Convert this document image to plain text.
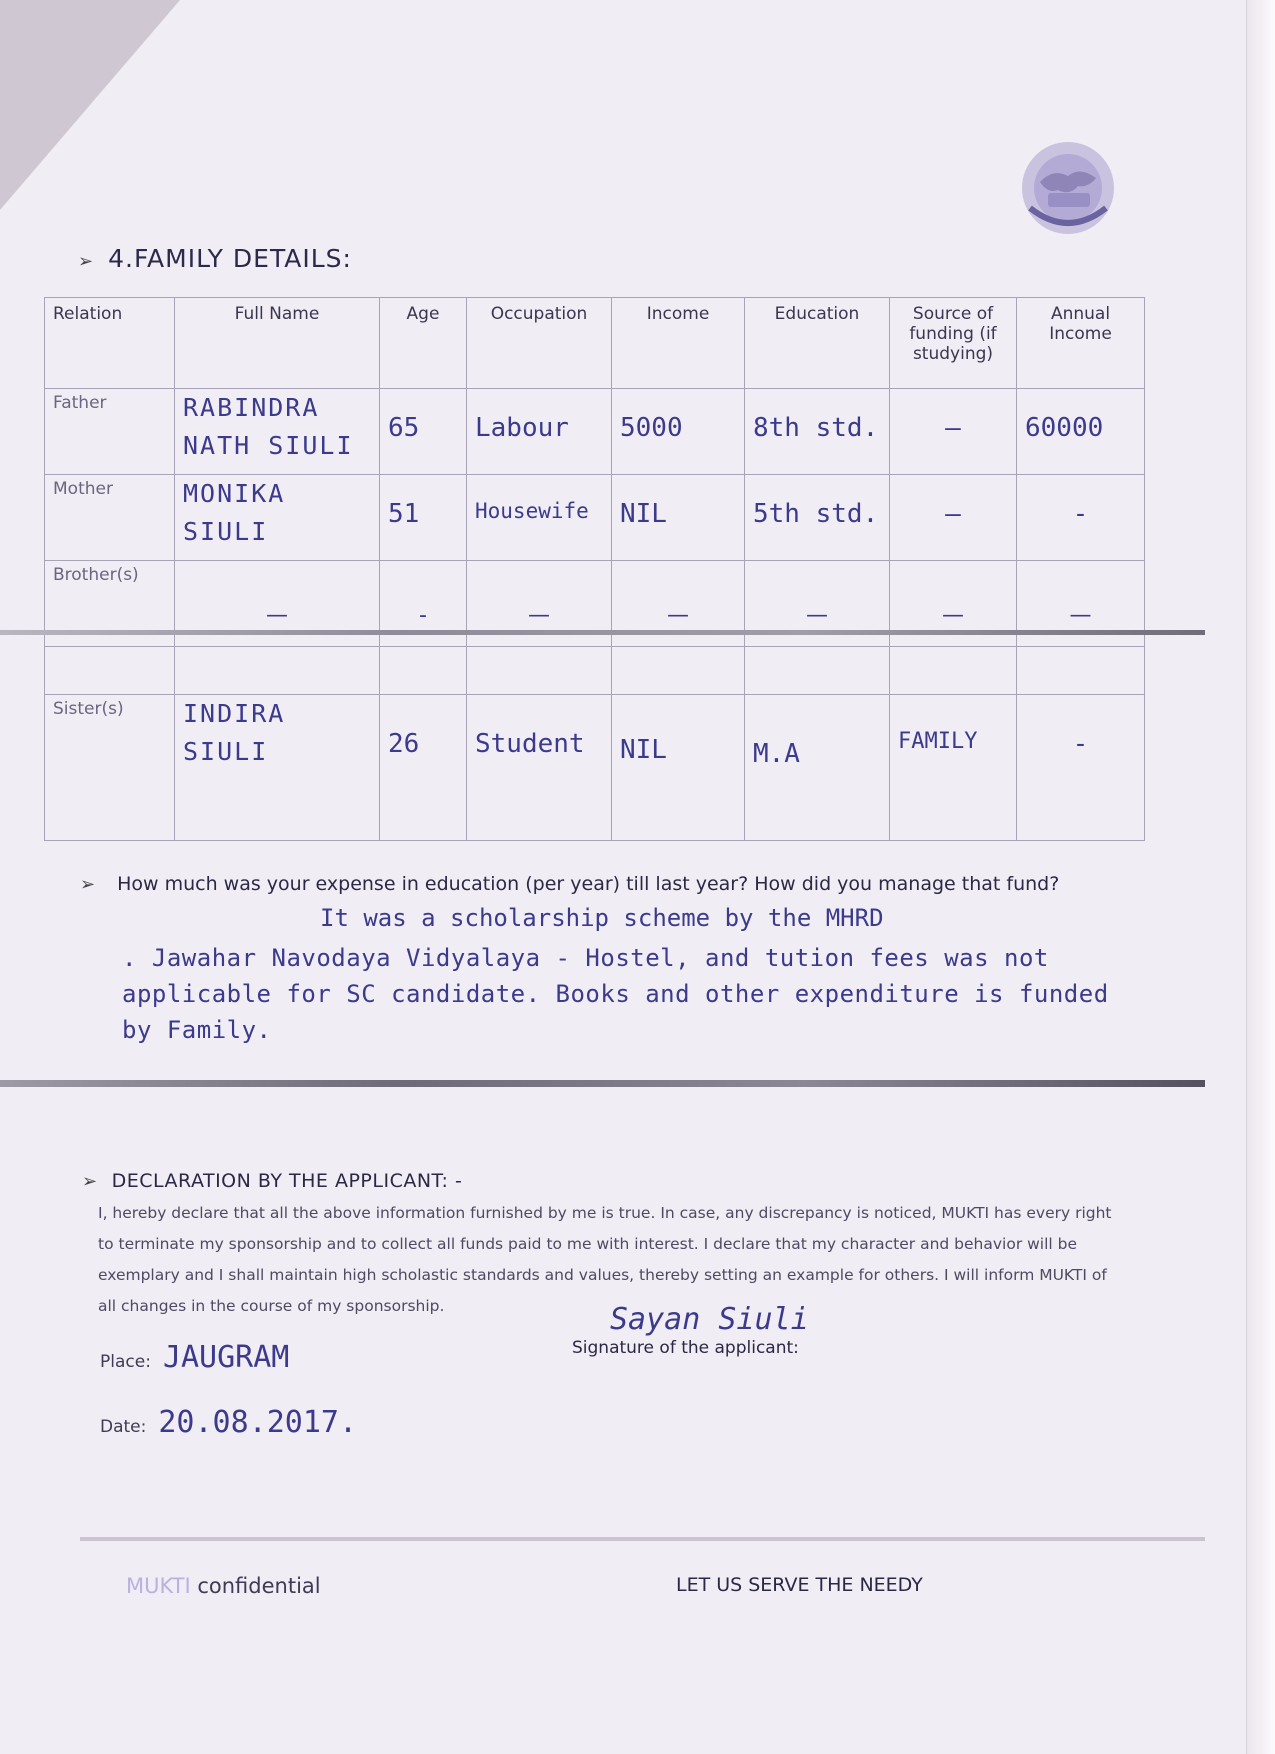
➢ 4.FAMILY DETAILS:
Relation	Full Name	Age	Occupation	Income	Education	Source of funding (if studying)	Annual Income
Father	RABINDRA NATH SIULI	65	Labour	5000	8th std.	—	60000

Mother	MONIKA SIULI	51	Housewife	NIL	5th std.	—	-

Brother(s)	—	-	—	—	—	—	—

Sister(s)	INDIRA SIULI	26	Student	NIL	M.A	FAMILY	-
➢ How much was your expense in education (per year) till last year? How did you manage that fund?
It was a scholarship scheme by the MHRD
. Jawahar Navodaya Vidyalaya - Hostel, and tution fees was not applicable for SC candidate. Books and other expenditure is funded by Family.
➢ DECLARATION BY THE APPLICANT: -
I, hereby declare that all the above information furnished by me is true. In case, any discrepancy is noticed, MUKTI has every right to terminate my sponsorship and to collect all funds paid to me with interest. I declare that my character and behavior will be exemplary and I shall maintain high scholastic standards and values, thereby setting an example for others. I will inform MUKTI of all changes in the course of my sponsorship.	Sayan Siuli
Signature of the applicant:
Place: JAUGRAM
Date: 20.08.2017.
MUKTI confidential	LET US SERVE THE NEEDY
